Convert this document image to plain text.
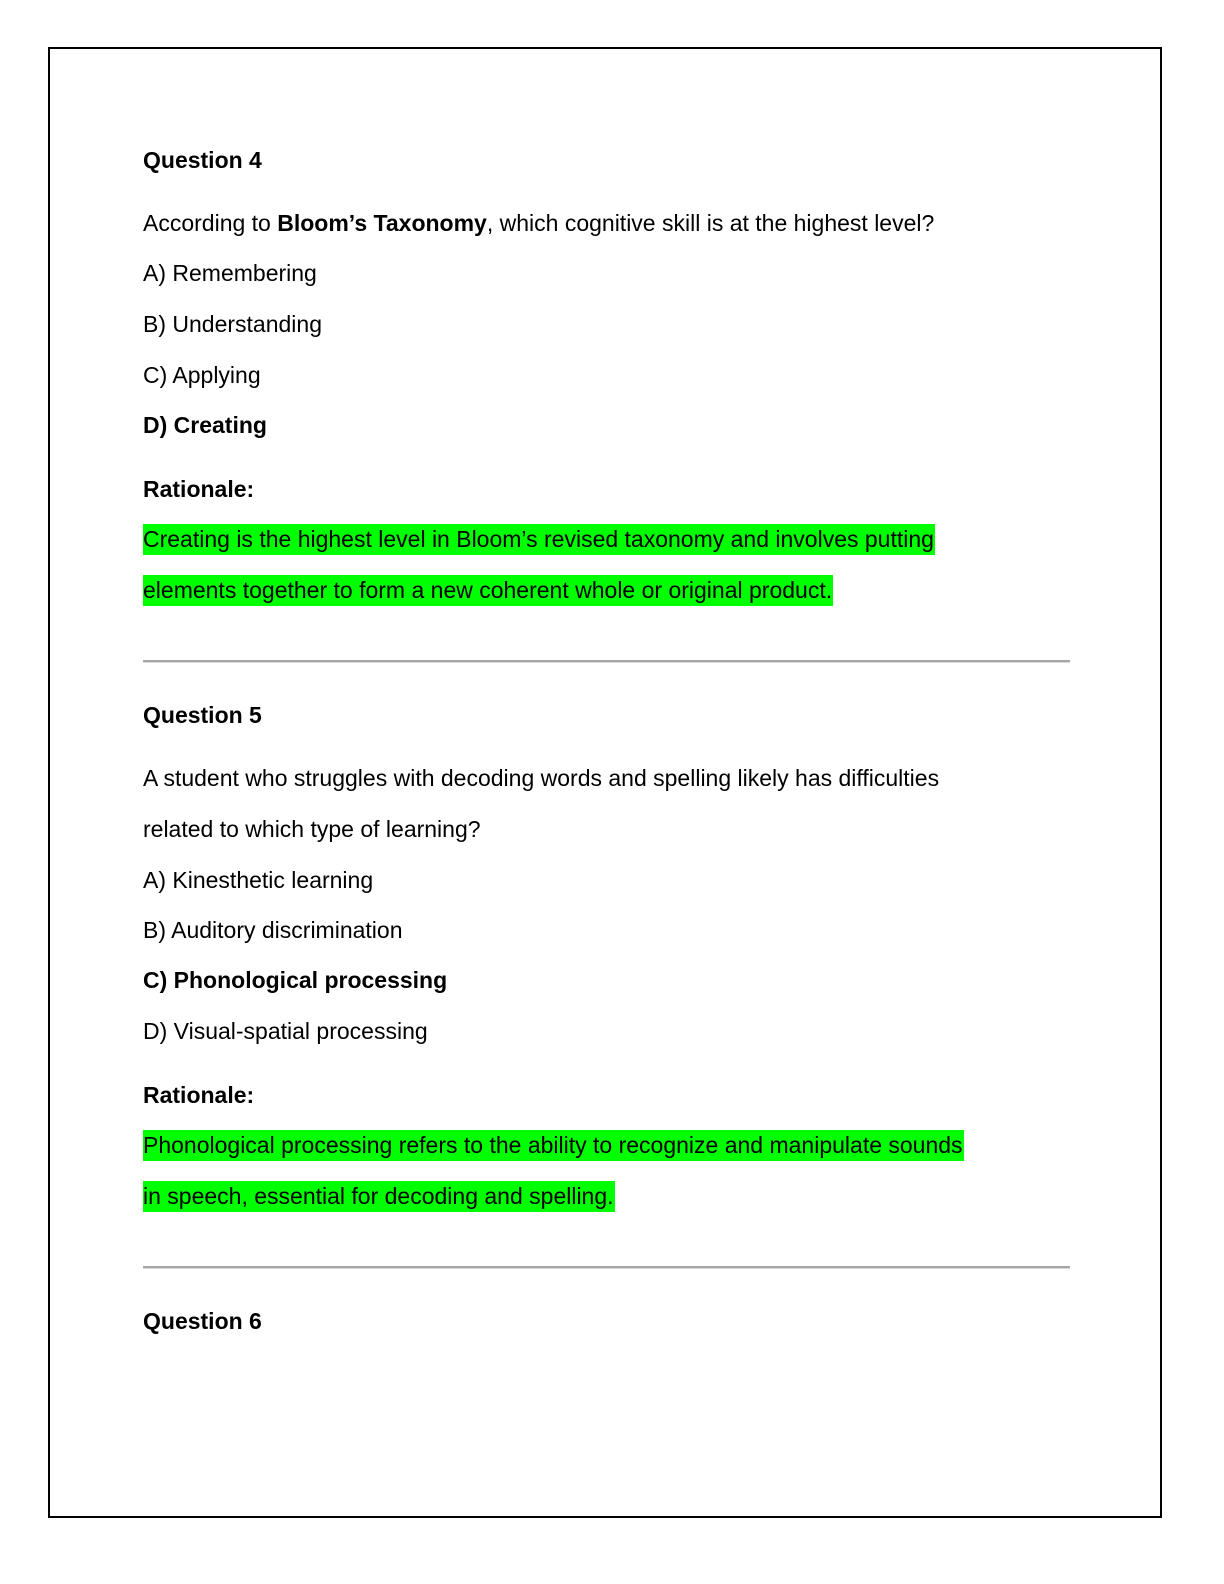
Question 4
According to Bloom’s Taxonomy, which cognitive skill is at the highest level?
A) Remembering
B) Understanding
C) Applying
D) Creating
Rationale:
Creating is the highest level in Bloom’s revised taxonomy and involves putting
elements together to form a new coherent whole or original product.
Question 5
A student who struggles with decoding words and spelling likely has difficulties
related to which type of learning?
A) Kinesthetic learning
B) Auditory discrimination
C) Phonological processing
D) Visual-spatial processing
Rationale:
Phonological processing refers to the ability to recognize and manipulate sounds
in speech, essential for decoding and spelling.
Question 6
